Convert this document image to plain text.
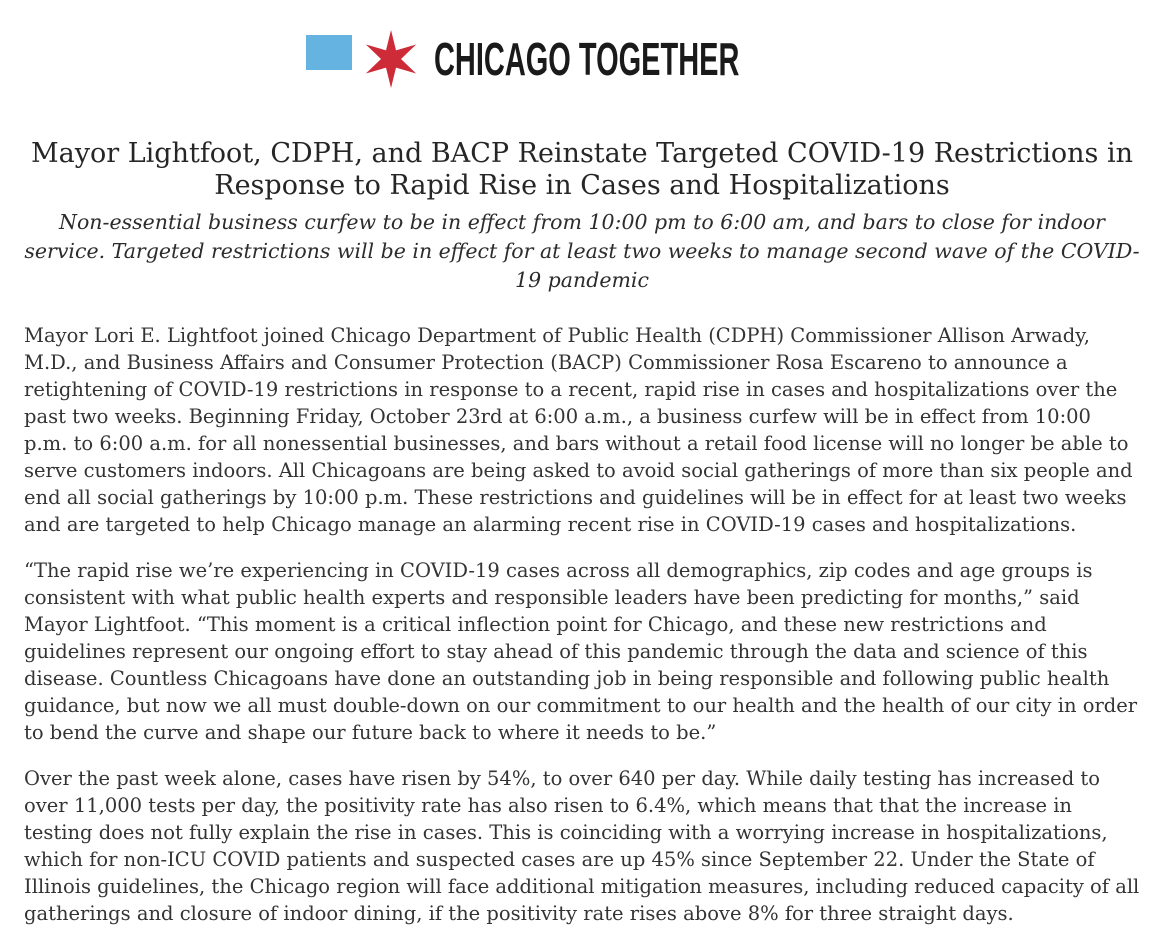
CHICAGO TOGETHER
Mayor Lightfoot, CDPH, and BACP Reinstate Targeted COVID-19 Restrictions in Response to Rapid Rise in Cases and Hospitalizations

Non-essential business curfew to be in effect from 10:00 pm to 6:00 am, and bars to close for indoor service. Targeted restrictions will be in effect for at least two weeks to manage second wave of the COVID-19 pandemic

Mayor Lori E. Lightfoot joined Chicago Department of Public Health (CDPH) Commissioner Allison Arwady, M.D., and Business Affairs and Consumer Protection (BACP) Commissioner Rosa Escareno to announce a retightening of COVID-19 restrictions in response to a recent, rapid rise in cases and hospitalizations over the past two weeks. Beginning Friday, October 23rd at 6:00 a.m., a business curfew will be in effect from 10:00 p.m. to 6:00 a.m. for all nonessential businesses, and bars without a retail food license will no longer be able to serve customers indoors. All Chicagoans are being asked to avoid social gatherings of more than six people and end all social gatherings by 10:00 p.m. These restrictions and guidelines will be in effect for at least two weeks and are targeted to help Chicago manage an alarming recent rise in COVID-19 cases and hospitalizations.

“The rapid rise we’re experiencing in COVID-19 cases across all demographics, zip codes and age groups is consistent with what public health experts and responsible leaders have been predicting for months,” said Mayor Lightfoot. “This moment is a critical inflection point for Chicago, and these new restrictions and guidelines represent our ongoing effort to stay ahead of this pandemic through the data and science of this disease. Countless Chicagoans have done an outstanding job in being responsible and following public health guidance, but now we all must double-down on our commitment to our health and the health of our city in order to bend the curve and shape our future back to where it needs to be.”

Over the past week alone, cases have risen by 54%, to over 640 per day. While daily testing has increased to over 11,000 tests per day, the positivity rate has also risen to 6.4%, which means that that the increase in testing does not fully explain the rise in cases. This is coinciding with a worrying increase in hospitalizations, which for non-ICU COVID patients and suspected cases are up 45% since September 22. Under the State of Illinois guidelines, the Chicago region will face additional mitigation measures, including reduced capacity of all gatherings and closure of indoor dining, if the positivity rate rises above 8% for three straight days.
